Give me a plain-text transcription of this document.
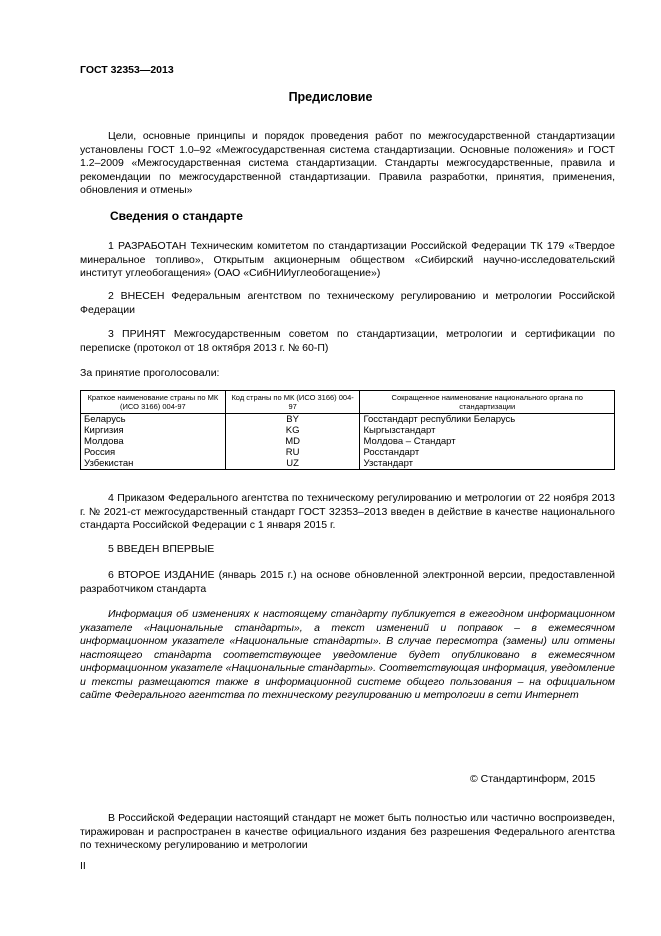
ГОСТ 32353—2013
Предисловие
Цели, основные принципы и порядок проведения работ по межгосударственной стандартизации установлены ГОСТ 1.0–92 «Межгосударственная система стандартизации. Основные положения» и ГОСТ 1.2–2009 «Межгосударственная система стандартизации. Стандарты межгосударственные, правила и рекомендации по межгосударственной стандартизации. Правила разработки, принятия, применения, обновления и отмены»
Сведения о стандарте
1 РАЗРАБОТАН Техническим комитетом по стандартизации Российской Федерации ТК 179 «Твердое минеральное топливо», Открытым акционерным обществом «Сибирский научно-исследовательский институт углеобогащения» (ОАО «СибНИИуглеобогащение»)
2 ВНЕСЕН Федеральным агентством по техническому регулированию и метрологии Российской Федерации
3 ПРИНЯТ Межгосударственным советом по стандартизации, метрологии и сертификации по переписке (протокол от 18 октября 2013 г. № 60-П)
За принятие проголосовали:
Краткое наименование страны по МК (ИСО 3166) 004-97	Код страны по МК (ИСО 3166) 004-97	Сокращенное наименование национального органа по стандартизации
Беларусь	BY	Госстандарт республики Беларусь
Киргизия	KG	Кыргызстандарт
Молдова	MD	Молдова – Стандарт
Россия	RU	Росстандарт
Узбекистан	UZ	Узстандарт
4 Приказом Федерального агентства по техническому регулированию и метрологии от 22 ноября 2013 г. № 2021-ст межгосударственный стандарт ГОСТ 32353–2013 введен в действие в качестве национального стандарта Российской Федерации с 1 января 2015 г.
5 ВВЕДЕН ВПЕРВЫЕ
6 ВТОРОЕ ИЗДАНИЕ (январь 2015 г.) на основе обновленной электронной версии, предоставленной разработчиком стандарта
Информация об изменениях к настоящему стандарту публикуется в ежегодном информационном указателе «Национальные стандарты», а текст изменений и поправок – в ежемесячном информационном указателе «Национальные стандарты». В случае пересмотра (замены) или отмены настоящего стандарта соответствующее уведомление будет опубликовано в ежемесячном информационном указателе «Национальные стандарты». Соответствующая информация, уведомление и тексты размещаются также в информационной системе общего пользования – на официальном сайте Федерального агентства по техническому регулированию и метрологии в сети Интернет
© Стандартинформ, 2015
В Российской Федерации настоящий стандарт не может быть полностью или частично воспроизведен, тиражирован и распространен в качестве официального издания без разрешения Федерального агентства по техническому регулированию и метрологии
II
